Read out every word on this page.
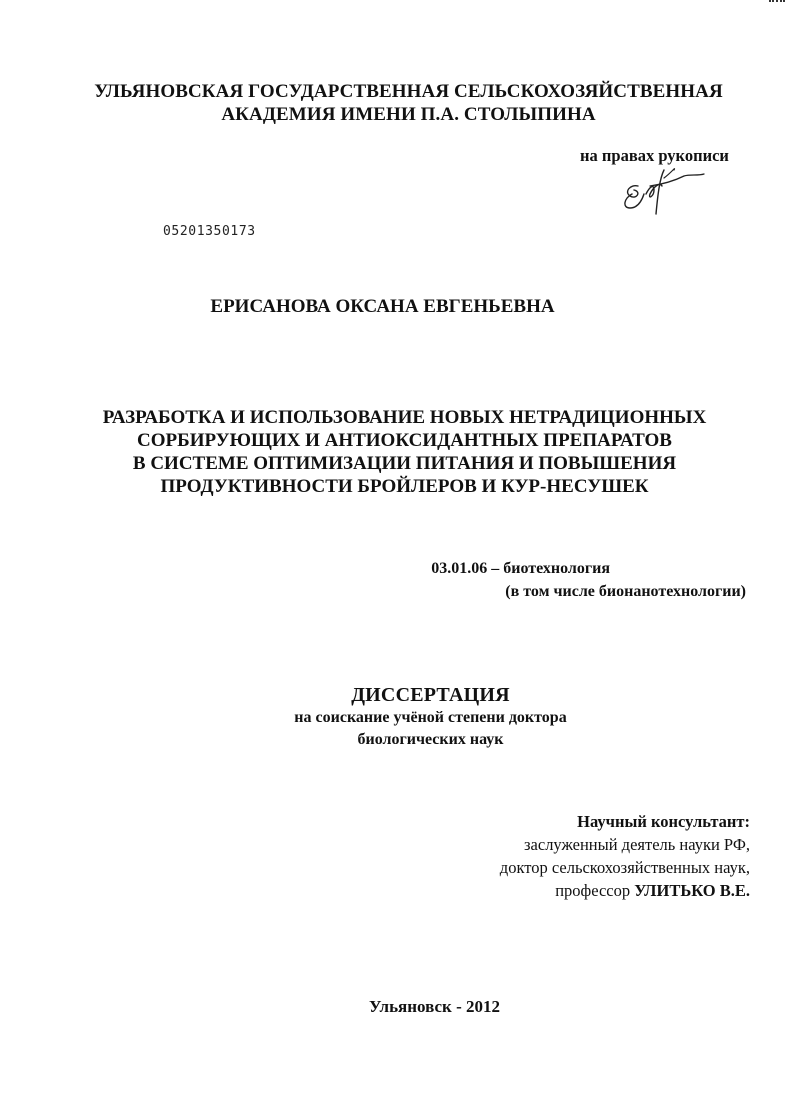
УЛЬЯНОВСКАЯ ГОСУДАРСТВЕННАЯ СЕЛЬСКОХОЗЯЙСТВЕННАЯ
АКАДЕМИЯ ИМЕНИ П.А. СТОЛЫПИНА
на правах рукописи
05201350173
ЕРИСАНОВА ОКСАНА ЕВГЕНЬЕВНА
РАЗРАБОТКА И ИСПОЛЬЗОВАНИЕ НОВЫХ НЕТРАДИЦИОННЫХ
СОРБИРУЮЩИХ И АНТИОКСИДАНТНЫХ ПРЕПАРАТОВ
В СИСТЕМЕ ОПТИМИЗАЦИИ ПИТАНИЯ И ПОВЫШЕНИЯ
ПРОДУКТИВНОСТИ БРОЙЛЕРОВ И КУР-НЕСУШЕК
03.01.06 – биотехнология
(в том числе бионанотехнологии)
ДИССЕРТАЦИЯ
на соискание учёной степени доктора
биологических наук
Научный консультант:
заслуженный деятель науки РФ,
доктор сельскохозяйственных наук,
профессор УЛИТЬКО В.Е.
Ульяновск - 2012
